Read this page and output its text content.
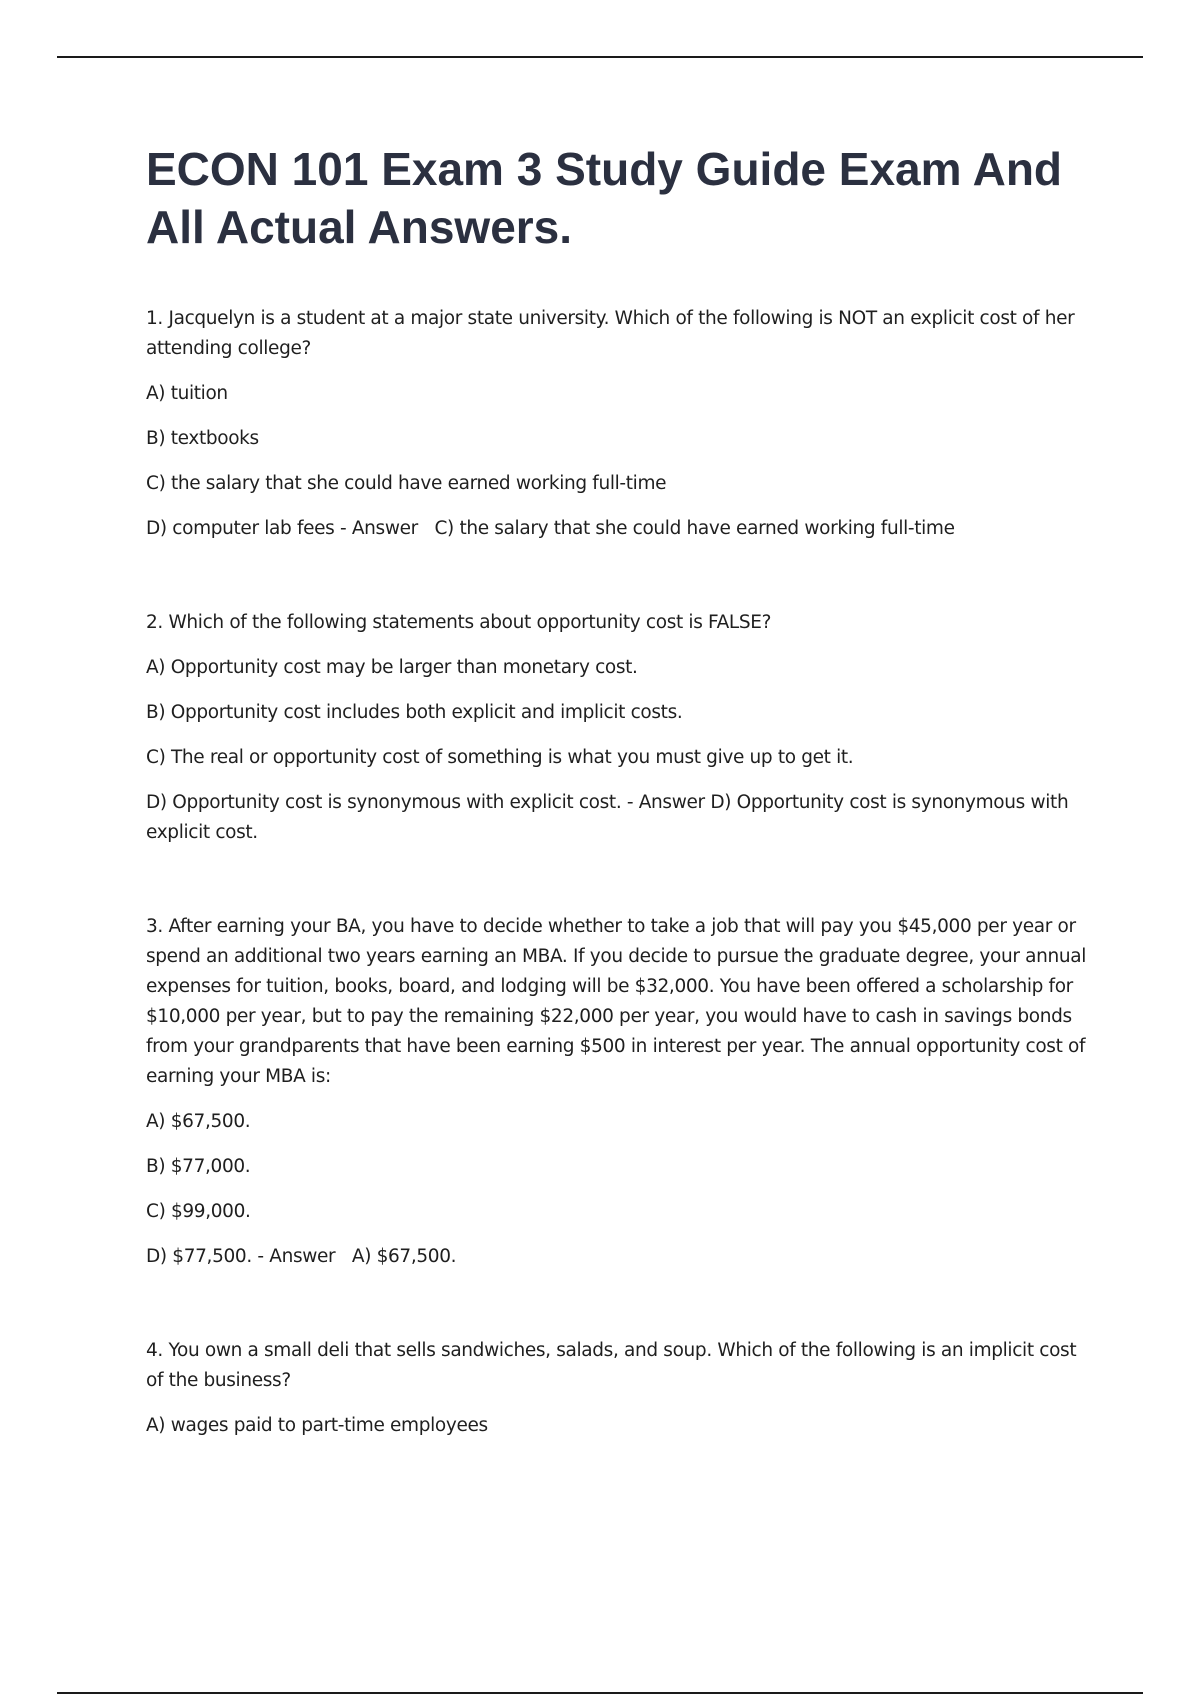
ECON 101 Exam 3 Study Guide Exam And All Actual Answers.

1. Jacquelyn is a student at a major state university. Which of the following is NOT an explicit cost of her attending college?

A) tuition

B) textbooks

C) the salary that she could have earned working full-time

D) computer lab fees - Answer   C) the salary that she could have earned working full-time

2. Which of the following statements about opportunity cost is FALSE?

A) Opportunity cost may be larger than monetary cost.

B) Opportunity cost includes both explicit and implicit costs.

C) The real or opportunity cost of something is what you must give up to get it.

D) Opportunity cost is synonymous with explicit cost. - Answer D) Opportunity cost is synonymous with explicit cost.

3. After earning your BA, you have to decide whether to take a job that will pay you $45,000 per year or spend an additional two years earning an MBA. If you decide to pursue the graduate degree, your annual expenses for tuition, books, board, and lodging will be $32,000. You have been offered a scholarship for $10,000 per year, but to pay the remaining $22,000 per year, you would have to cash in savings bonds from your grandparents that have been earning $500 in interest per year. The annual opportunity cost of earning your MBA is:

A) $67,500.

B) $77,000.

C) $99,000.

D) $77,500. - Answer   A) $67,500.

4. You own a small deli that sells sandwiches, salads, and soup. Which of the following is an implicit cost of the business?

A) wages paid to part-time employees
